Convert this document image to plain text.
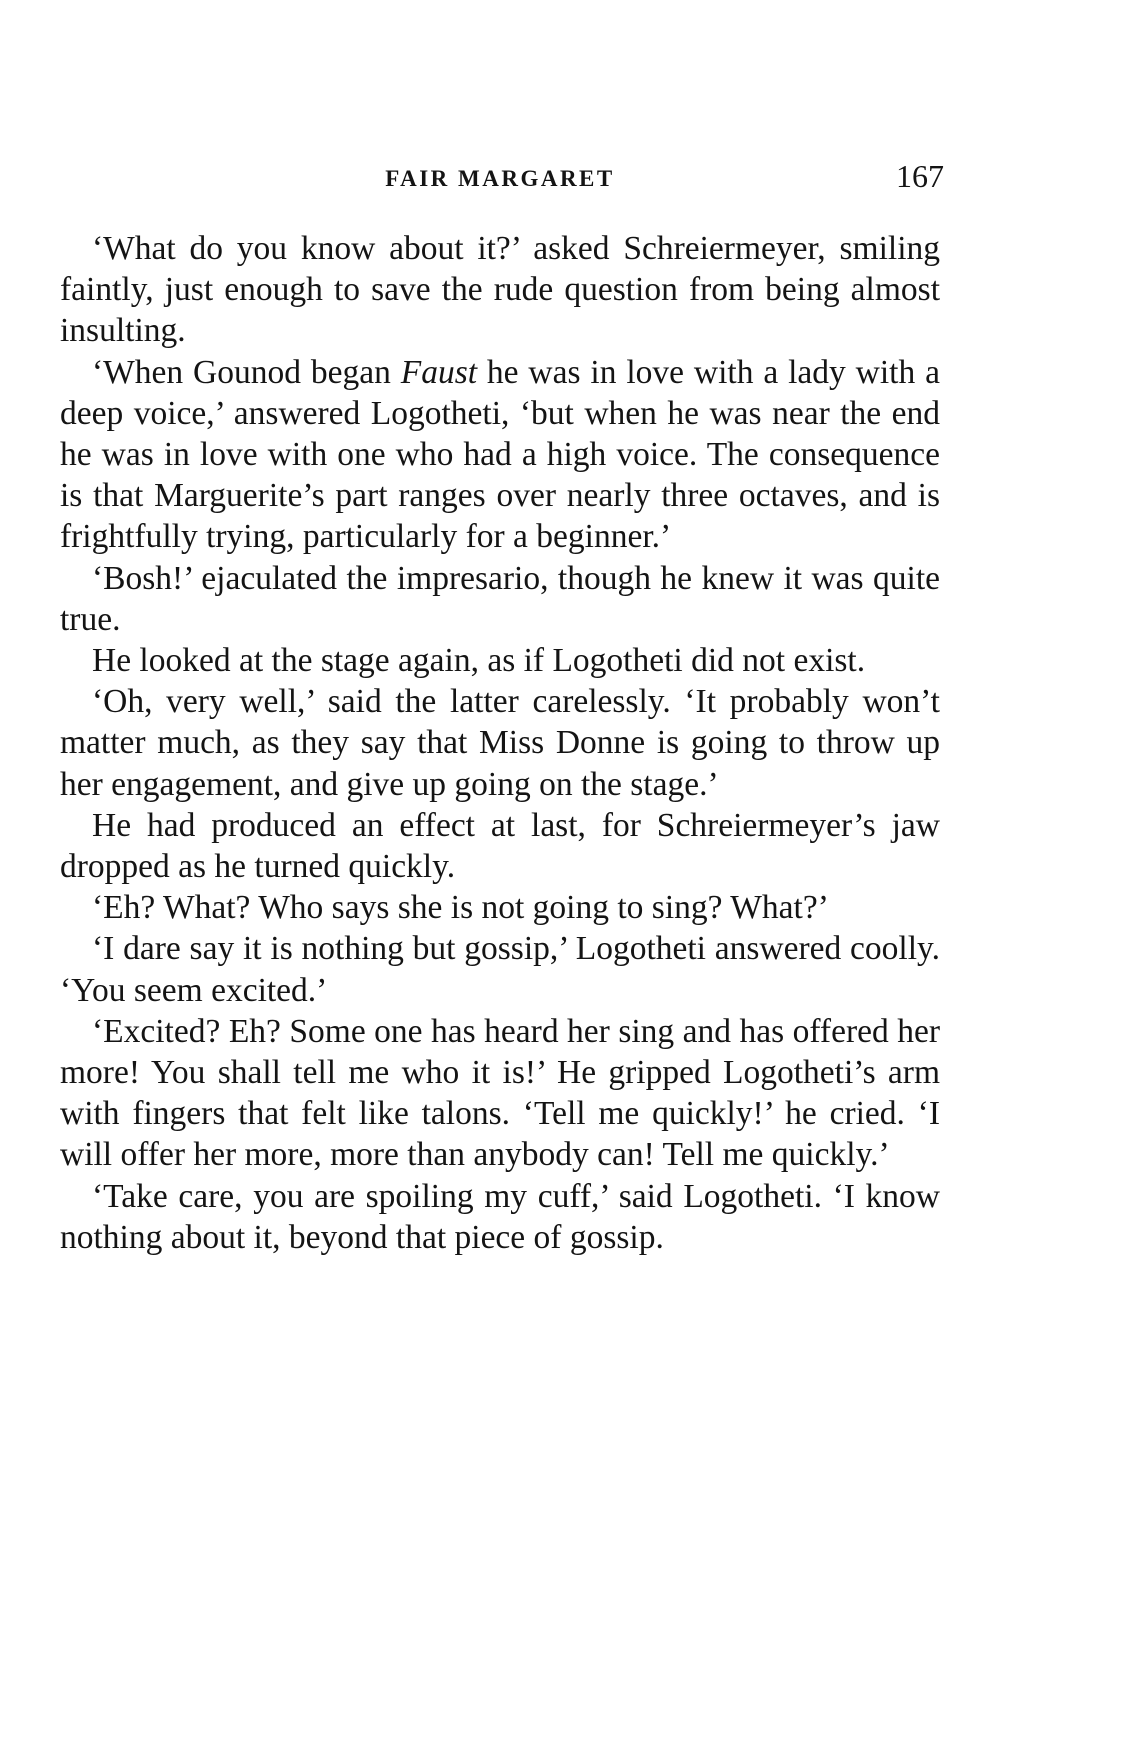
FAIR MARGARET	167

‘What do you know about it?’ asked Schreiermeyer, smiling faintly, just enough to save the rude question from being almost insulting.

‘When Gounod began Faust he was in love with a lady with a deep voice,’ answered Logotheti, ‘but when he was near the end he was in love with one who had a high voice. The consequence is that Marguerite’s part ranges over nearly three octaves, and is frightfully trying, particularly for a beginner.’

‘Bosh!’ ejaculated the impresario, though he knew it was quite true.

He looked at the stage again, as if Logotheti did not exist.

‘Oh, very well,’ said the latter carelessly. ‘It probably won’t matter much, as they say that Miss Donne is going to throw up her engagement, and give up going on the stage.’

He had produced an effect at last, for Schreiermeyer’s jaw dropped as he turned quickly.

‘Eh? What? Who says she is not going to sing? What?’

‘I dare say it is nothing but gossip,’ Logotheti answered coolly. ‘You seem excited.’

‘Excited? Eh? Some one has heard her sing and has offered her more! You shall tell me who it is!’ He gripped Logotheti’s arm with fingers that felt like talons. ‘Tell me quickly!’ he cried. ‘I will offer her more, more than anybody can! Tell me quickly.’

‘Take care, you are spoiling my cuff,’ said Logotheti. ‘I know nothing about it, beyond that piece of gossip.
